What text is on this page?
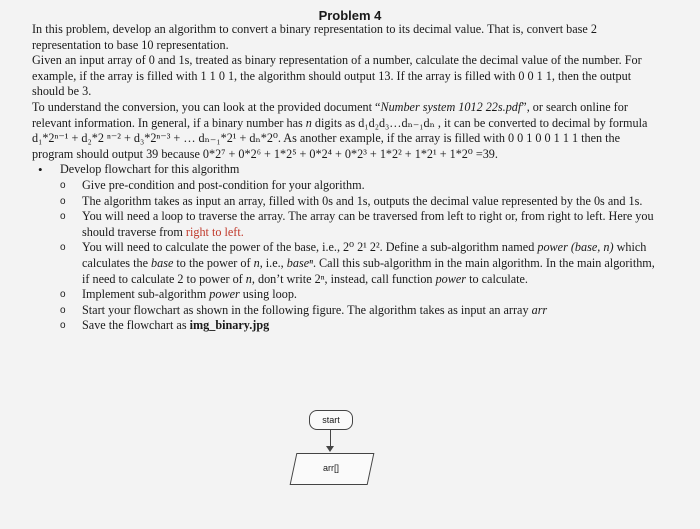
Problem 4

In this problem, develop an algorithm to convert a binary representation to its decimal value. That is, convert base 2 representation to base 10 representation.

Given an input array of 0 and 1s, treated as binary representation of a number, calculate the decimal value of the number. For example, if the array is filled with 1 1 0 1, the algorithm should output 13. If the array is filled with 0 0 1 1, then the output should be 3.

To understand the conversion, you can look at the provided document “Number system 1012 22s.pdf”, or search online for relevant information. In general, if a binary number has n digits as d₁d₂d₃…dₙ₋₁dₙ , it can be converted to decimal by formula d₁*2ⁿ⁻¹ + d₂*2 ⁿ⁻² + d₃*2ⁿ⁻³ + … dₙ₋₁*2¹ + dₙ*2⁰. As another example, if the array is filled with 0 0 1 0 0 1 1 1 then the program should output 39 because 0*2⁷ + 0*2⁶ + 1*2⁵ + 0*2⁴ + 0*2³ + 1*2² + 1*2¹ + 1*2⁰ =39.

• Develop flowchart for this algorithm
o Give pre-condition and post-condition for your algorithm.
o The algorithm takes as input an array, filled with 0s and 1s, outputs the decimal value represented by the 0s and 1s.
o You will need a loop to traverse the array. The array can be traversed from left to right or, from right to left. Here you should traverse from right to left.
o You will need to calculate the power of the base, i.e., 2⁰ 2¹ 2². Define a sub-algorithm named power (base, n) which calculates the base to the power of n, i.e., baseⁿ. Call this sub-algorithm in the main algorithm. In the main algorithm, if need to calculate 2 to power of n, don’t write 2ⁿ, instead, call function power to calculate.
o Implement sub-algorithm power using loop.
o Start your flowchart as shown in the following figure. The algorithm takes as input an array arr
o Save the flowchart as img_binary.jpg
start
arr[]
